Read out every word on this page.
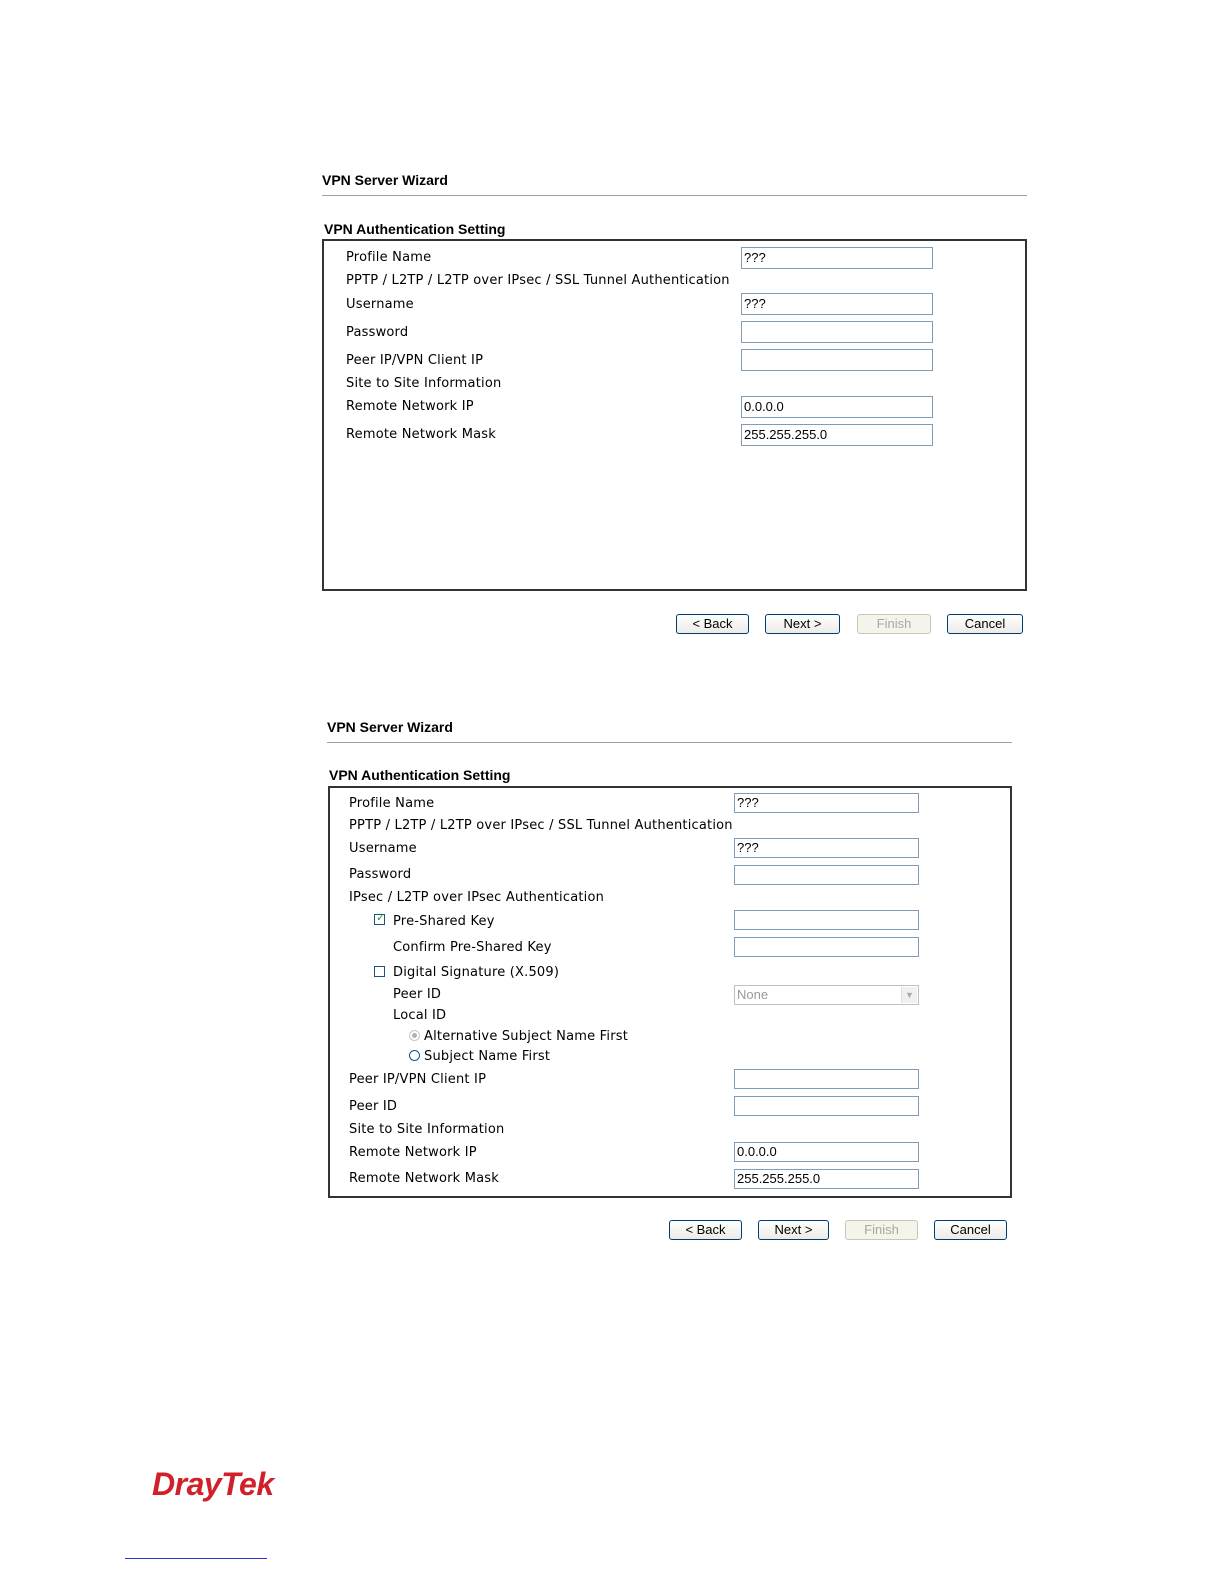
VPN Server Wizard
VPN Authentication Setting
Profile Name	???
PPTP / L2TP / L2TP over IPsec / SSL Tunnel Authentication
Username	???
Password
Peer IP/VPN Client IP
Site to Site Information
Remote Network IP	0.0.0.0
Remote Network Mask	255.255.255.0
< Back	Next >	Finish	Cancel
VPN Server Wizard
VPN Authentication Setting
Profile Name	???
PPTP / L2TP / L2TP over IPsec / SSL Tunnel Authentication
Username	???
Password
IPsec / L2TP over IPsec Authentication
✓ Pre-Shared Key
Confirm Pre-Shared Key
Digital Signature (X.509)
Peer ID	None	▼
Local ID
Alternative Subject Name First
Subject Name First
Peer IP/VPN Client IP
Peer ID
Site to Site Information
Remote Network IP	0.0.0.0
Remote Network Mask	255.255.255.0
< Back	Next >	Finish	Cancel
DrayTek
